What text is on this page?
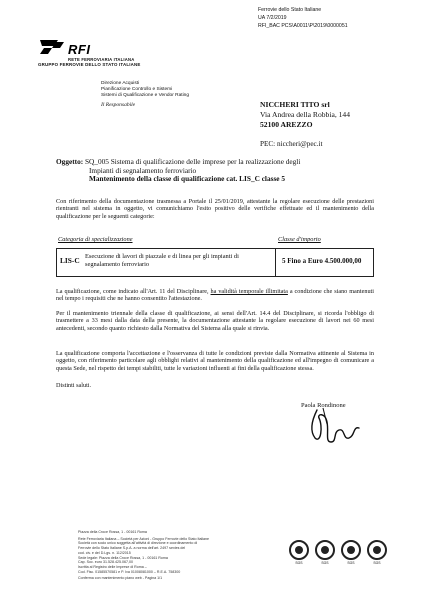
RFI
RETE FERROVIARIA ITALIANA
GRUPPO FERROVIE DELLO STATO ITALIANE
Ferrovie dello Stato Italiane
UA 7/2/2019
RFI_BAC PCS\A0011\P\2019\0000051
Direzione Acquisti
Pianificazione Controllo e Sistemi
Sistemi di Qualificazione e Vendor Rating
Il Responsabile	NICCHERI TITO srl
Via Andrea della Robbia, 144
52100 AREZZO
PEC: niccheri@pec.it
Oggetto: SQ_005 Sistema di qualificazione delle imprese per la realizzazione degli
Impianti di segnalamento ferroviario
Mantenimento della classe di qualificazione cat. LIS_C classe 5
Con riferimento della documentazione trasmessa a Portale il 25/01/2019, attestante la regolare esecuzione delle prestazioni rientranti nel sistema in oggetto, vi comunichiamo l'esito positivo delle verifiche effettuate ed il mantenimento della qualificazione per le seguenti categorie:
Categoria di specializzazione	Classe d'importo
LIS-C Esecuzione di lavori di piazzale e di linea per gli impianti di segnalamento ferroviario	5 Fino a Euro 4.500.000,00
La qualificazione, come indicato all'Art. 11 del Disciplinare, ha validità temporale illimitata a condizione che siano mantenuti nel tempo i requisiti che ne hanno consentito l'attestazione.
Per il mantenimento triennale della classe di qualificazione, ai sensi dell'Art. 14.4 del Disciplinare, si ricorda l'obbligo di trasmettere a 33 mesi dalla data della presente, la documentazione attestante la regolare esecuzione di lavori nei 60 mesi antecedenti, secondo quanto richiesto dalla Normativa del Sistema alla quale si rinvia.
La qualificazione comporta l'accettazione e l'osservanza di tutte le condizioni previste dalla Normativa attinente al Sistema in oggetto, con riferimento particolare agli obblighi relativi al mantenimento della qualificazione ed all'impegno di comunicare a questa Sede, nel rispetto dei tempi stabiliti, tutte le variazioni influenti ai fini della qualificazione stessa.
Distinti saluti.
Paola Rondinone
Piazza della Croce Rossa, 1 - 00161 Roma
Rete Ferroviaria Italiana – Società per Azioni - Gruppo Ferrovie dello Stato Italiane
Società con socio unico soggetta all'attività di direzione e coordinamento di
Ferrovie dello Stato Italiane S.p.A. a norma dell'art. 2497 sexies del
cod. civ. e del D.Lgs. n. 112/2015
Sede legale: Piazza della Croce Rossa, 1 - 00161 Roma
Cap. Soc. euro 31.528.425.067,00
Iscritta al Registro delle Imprese di Roma –
Cod. Fisc. 01585570581 e P. Iva 01008081000 – R.E.A. 758300
Conferma con mantenimento piano web - Pagina 1/1
SGS	SGS	SGS	SGS
